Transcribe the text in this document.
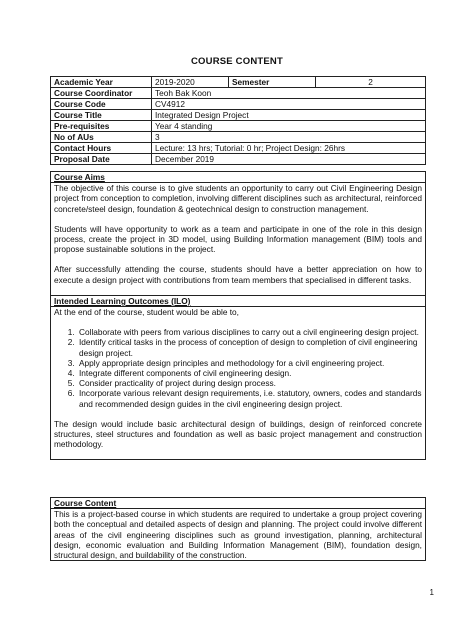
COURSE CONTENT
Academic Year	2019-2020	Semester	2
Course Coordinator	Teoh Bak Koon		
Course Code	CV4912		
Course Title	Integrated Design Project		
Pre-requisites	Year 4 standing		
No of AUs	3		
Contact Hours	Lecture: 13 hrs; Tutorial: 0 hr; Project Design: 26hrs		
Proposal Date	December 2019		
Course Aims

The objective of this course is to give students an opportunity to carry out Civil Engineering Design project from conception to completion, involving different disciplines such as architectural, reinforced concrete/steel design, foundation & geotechnical design to construction management.

Students will have opportunity to work as a team and participate in one of the role in this design process, create the project in 3D model, using Building Information management (BIM) tools and propose sustainable solutions in the project.

After successfully attending the course, students should have a better appreciation on how to execute a design project with contributions from team members that specialised in different tasks.

Intended Learning Outcomes (ILO)

At the end of the course, student would be able to,

1. Collaborate with peers from various disciplines to carry out a civil engineering design project.
2. Identify critical tasks in the process of conception of design to completion of civil engineering design project.
3. Apply appropriate design principles and methodology for a civil engineering project.
4. Integrate different components of civil engineering design.
5. Consider practicality of project during design process.
6. Incorporate various relevant design requirements, i.e. statutory, owners, codes and standards and recommended design guides in the civil engineering design project.

The design would include basic architectural design of buildings, design of reinforced concrete structures, steel structures and foundation as well as basic project management and construction methodology.

Course Content

This is a project-based course in which students are required to undertake a group project covering both the conceptual and detailed aspects of design and planning. The project could involve different areas of the civil engineering disciplines such as ground investigation, planning, architectural design, economic evaluation and Building Information Management (BIM), foundation design, structural design, and buildability of the construction.

1
